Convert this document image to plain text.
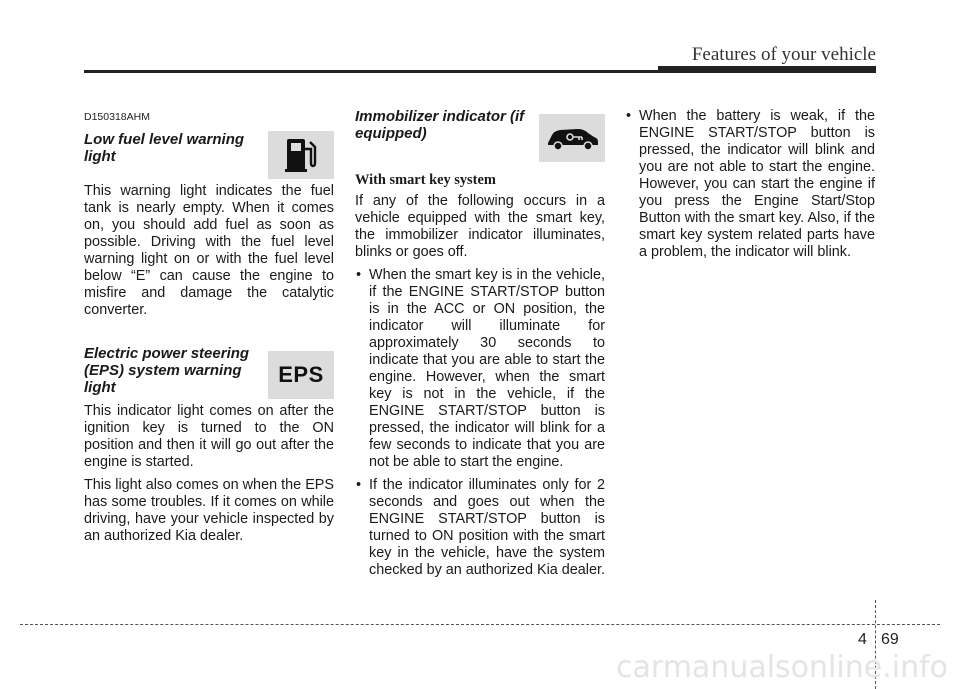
Features of your vehicle
D150318AHM
Low fuel level warning light

This warning light indicates the fuel tank is nearly empty. When it comes on, you should add fuel as soon as possible. Driving with the fuel level warning light on or with the fuel level below “E” can cause the engine to misfire and damage the catalytic converter.

Electric power steering (EPS) system warning light
EPS

This indicator light comes on after the ignition key is turned to the ON position and then it will go out after the engine is started.

This light also comes on when the EPS has some troubles. If it comes on while driving, have your vehicle inspected by an authorized Kia dealer.

Immobilizer indicator (if equipped)
With smart key system

If any of the following occurs in a vehicle equipped with the smart key, the immobilizer indicator illuminates, blinks or goes off.

• When the smart key is in the vehicle, if the ENGINE START/STOP button is in the ACC or ON position, the indicator will illuminate for approximately 30 seconds to indicate that you are able to start the engine. However, when the smart key is not in the vehicle, if the ENGINE START/STOP button is pressed, the indicator will blink for a few seconds to indicate that you are not be able to start the engine.
• If the indicator illuminates only for 2 seconds and goes out when the ENGINE START/STOP button is turned to ON position with the smart key in the vehicle, have the system checked by an authorized Kia dealer.
• When the battery is weak, if the ENGINE START/STOP button is pressed, the indicator will blink and you are not able to start the engine. However, you can start the engine if you press the Engine Start/Stop Button with the smart key. Also, if the smart key system related parts have a problem, the indicator will blink.
4 69
carmanualsonline.info
